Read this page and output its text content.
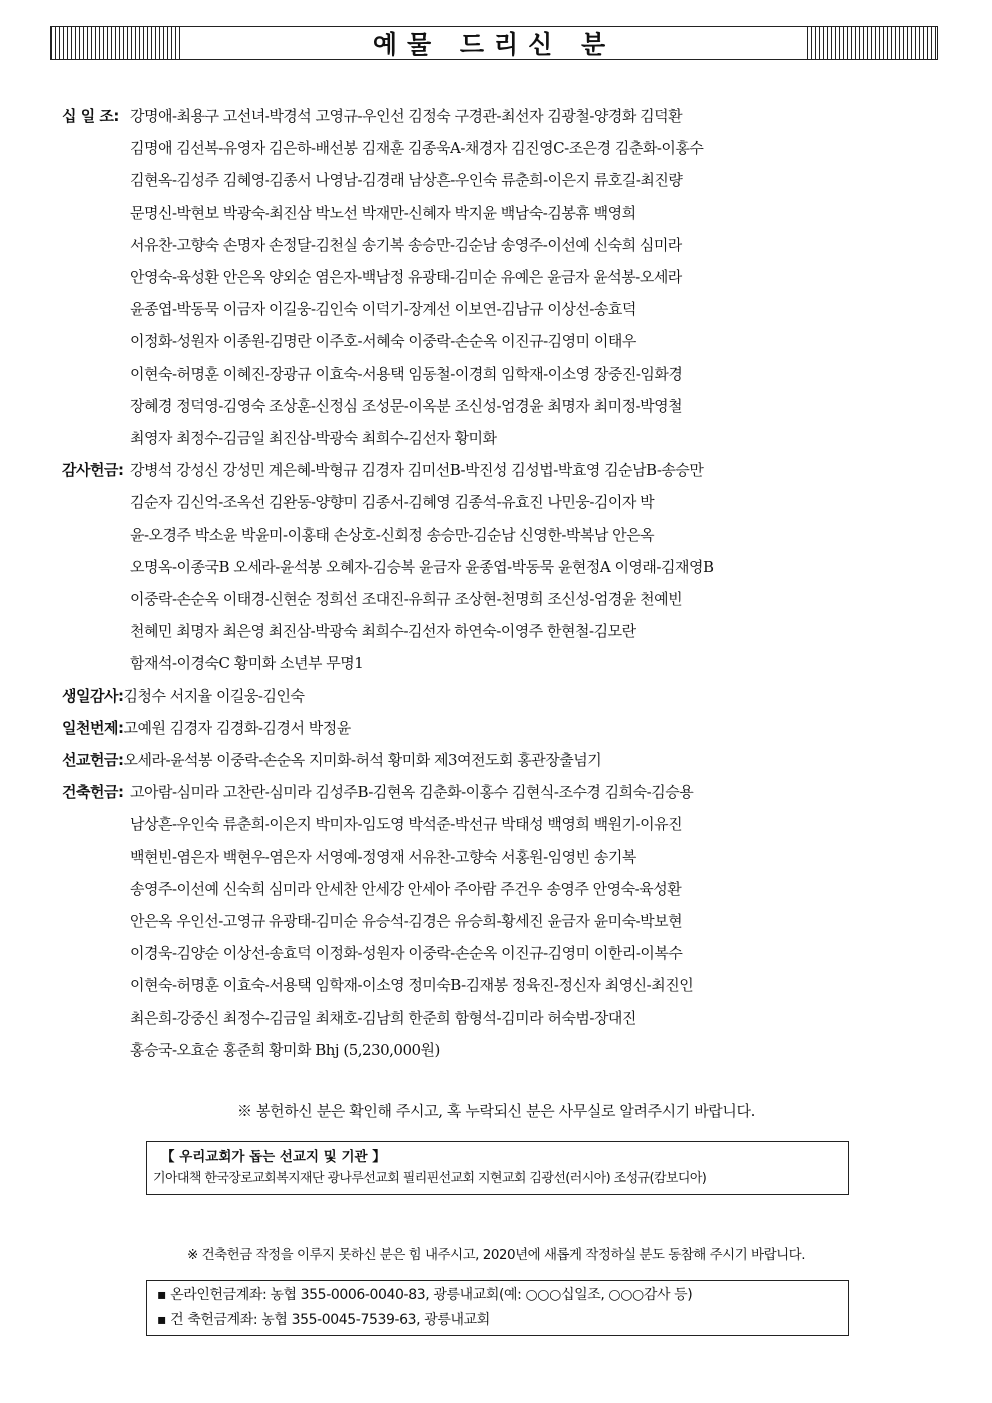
예물 드리신 분
십 일 조: 강명애-최용구 고선녀-박경석 고영규-우인선 김정숙 구경관-최선자 김광철-양경화 김덕환
김명애 김선복-유영자 김은하-배선봉 김재훈 김종욱A-채경자 김진영C-조은경 김춘화-이홍수
김현옥-김성주 김혜영-김종서 나영남-김경래 남상흔-우인숙 류춘희-이은지 류호길-최진량
문명신-박현보 박광숙-최진삼 박노선 박재만-신혜자 박지윤 백남숙-김봉휴 백영희
서유찬-고향숙 손명자 손정달-김천실 송기복 송승만-김순남 송영주-이선예 신숙희 심미라
안영숙-육성환 안은옥 양외순 염은자-백남정 유광태-김미순 유예은 윤금자 윤석봉-오세라
윤종엽-박동묵 이금자 이길웅-김인숙 이덕기-장계선 이보연-김남규 이상선-송효덕
이정화-성원자 이종원-김명란 이주호-서혜숙 이중락-손순옥 이진규-김영미 이태우
이현숙-허명훈 이혜진-장광규 이효숙-서용택 임동철-이경희 임학재-이소영 장중진-임화경
장혜경 정덕영-김영숙 조상훈-신정심 조성문-이옥분 조신성-엄경윤 최명자 최미정-박영철
최영자 최정수-김금일 최진삼-박광숙 최희수-김선자 황미화
감사헌금: 강병석 강성신 강성민 계은혜-박형규 김경자 김미선B-박진성 김성법-박효영 김순남B-송승만
김순자 김신억-조옥선 김완동-양향미 김종서-김혜영 김종석-유효진 나민웅-김이자 박
윤-오경주 박소윤 박윤미-이홍태 손상호-신회정 송승만-김순남 신영한-박복남 안은옥
오명옥-이종국B 오세라-윤석봉 오혜자-김승복 윤금자 윤종엽-박동묵 윤현정A 이영래-김재영B
이중락-손순옥 이태경-신현순 정희선 조대진-유희규 조상현-천명희 조신성-엄경윤 천예빈
천혜민 최명자 최은영 최진삼-박광숙 최희수-김선자 하연숙-이영주 한현철-김모란
함재석-이경숙C 황미화 소년부 무명1
생일감사: 김청수 서지율 이길웅-김인숙
일천번제: 고예원 김경자 김경화-김경서 박정윤
선교헌금: 오세라-윤석봉 이중락-손순옥 지미화-허석 황미화 제3여전도회 홍관장출넘기
건축헌금: 고아람-심미라 고찬란-심미라 김성주B-김현옥 김춘화-이홍수 김현식-조수경 김희숙-김승용
남상흔-우인숙 류춘희-이은지 박미자-임도영 박석준-박선규 박태성 백영희 백원기-이유진
백현빈-염은자 백현우-염은자 서영예-정영재 서유찬-고향숙 서홍원-임영빈 송기복
송영주-이선예 신숙희 심미라 안세찬 안세강 안세아 주아람 주건우 송영주 안영숙-육성환
안은옥 우인선-고영규 유광태-김미순 유승석-김경은 유승희-황세진 윤금자 윤미숙-박보현
이경욱-김양순 이상선-송효덕 이정화-성원자 이중락-손순옥 이진규-김영미 이한리-이복수
이현숙-허명훈 이효숙-서용택 임학재-이소영 정미숙B-김재봉 정육진-정신자 최영신-최진인
최은희-강중신 최정수-김금일 최채호-김남희 한준희 함형석-김미라 허숙범-장대진
홍승국-오효순 홍준희 황미화 Bhj (5,230,000원)
※ 봉헌하신 분은 확인해 주시고, 혹 누락되신 분은 사무실로 알려주시기 바랍니다.
【 우리교회가 돕는 선교지 및 기관 】
기아대책 한국장로교회복지재단 광나루선교회 필리핀선교회 지현교회 김광선(러시아) 조성규(캄보디아)
※ 건축헌금 작정을 이루지 못하신 분은 힘 내주시고, 2020년에 새롭게 작정하실 분도 동참해 주시기 바랍니다.
▪ 온라인헌금계좌: 농협 355-0006-0040-83, 광릉내교회(예: ○○○십일조, ○○○감사 등)
▪ 건 축헌금계좌: 농협 355-0045-7539-63, 광릉내교회
